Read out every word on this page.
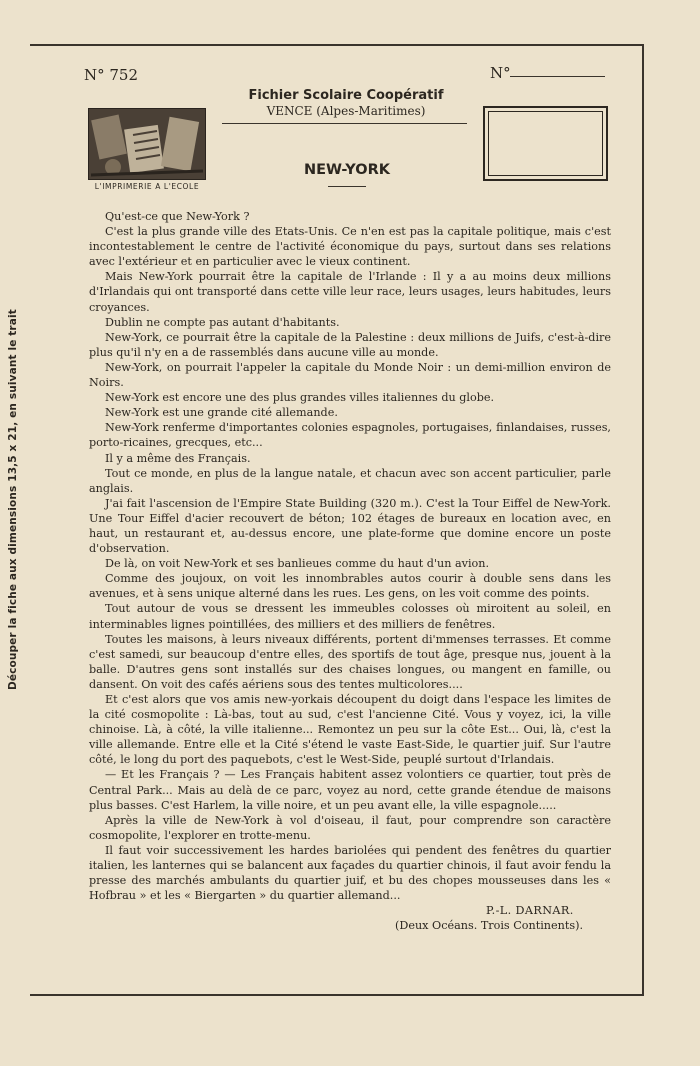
Découper la fiche aux dimensions 13,5 x 21, en suivant le trait
N° 752	N°
Fichier Scolaire Coopératif
VENCE (Alpes-Maritimes)
L'IMPRIMERIE A L'ECOLE
NEW-YORK

Qu'est-ce que New-York ?

C'est la plus grande ville des Etats-Unis. Ce n'en est pas la capitale politique, mais c'est incontestablement le centre de l'activité économique du pays, surtout dans ses relations avec l'extérieur et en particulier avec le vieux continent.

Mais New-York pourrait être la capitale de l'Irlande : Il y a au moins deux millions d'Irlandais qui ont transporté dans cette ville leur race, leurs usages, leurs habitudes, leurs croyances.

Dublin ne compte pas autant d'habitants.

New-York, ce pourrait être la capitale de la Palestine : deux millions de Juifs, c'est-à-dire plus qu'il n'y en a de rassemblés dans aucune ville au monde.

New-York, on pourrait l'appeler la capitale du Monde Noir : un demi-million environ de Noirs.

New-York est encore une des plus grandes villes italiennes du globe.

New-York est une grande cité allemande.

New-York renferme d'importantes colonies espagnoles, portugaises, finlandaises, russes, porto-ricaines, grecques, etc...

Il y a même des Français.

Tout ce monde, en plus de la langue natale, et chacun avec son accent particulier, parle anglais.

J'ai fait l'ascension de l'Empire State Building (320 m.). C'est la Tour Eiffel de New-York. Une Tour Eiffel d'acier recouvert de béton; 102 étages de bureaux en location avec, en haut, un restaurant et, au-dessus encore, une plate-forme que domine encore un poste d'observation.

De là, on voit New-York et ses banlieues comme du haut d'un avion.

Comme des joujoux, on voit les innombrables autos courir à double sens dans les avenues, et à sens unique alterné dans les rues. Les gens, on les voit comme des points.

Tout autour de vous se dressent les immeubles colosses où miroitent au soleil, en interminables lignes pointillées, des milliers et des milliers de fenêtres.

Toutes les maisons, à leurs niveaux différents, portent di'mmenses terrasses. Et comme c'est samedi, sur beaucoup d'entre elles, des sportifs de tout âge, presque nus, jouent à la balle. D'autres gens sont installés sur des chaises longues, ou mangent en famille, ou dansent. On voit des cafés aériens sous des tentes multicolores....

Et c'est alors que vos amis new-yorkais découpent du doigt dans l'espace les limites de la cité cosmopolite : Là-bas, tout au sud, c'est l'ancienne Cité. Vous y voyez, ici, la ville chinoise. Là, à côté, la ville italienne... Remontez un peu sur la côte Est... Oui, là, c'est la ville allemande. Entre elle et la Cité s'étend le vaste East-Side, le quartier juif. Sur l'autre côté, le long du port des paquebots, c'est le West-Side, peuplé surtout d'Irlandais.

— Et les Français ? — Les Français habitent assez volontiers ce quartier, tout près de Central Park... Mais au delà de ce parc, voyez au nord, cette grande étendue de maisons plus basses. C'est Harlem, la ville noire, et un peu avant elle, la ville espagnole.....

Après la ville de New-York à vol d'oiseau, il faut, pour comprendre son caractère cosmopolite, l'explorer en trotte-menu.

Il faut voir successivement les hardes bariolées qui pendent des fenêtres du quartier italien, les lanternes qui se balancent aux façades du quartier chinois, il faut avoir fendu la presse des marchés ambulants du quartier juif, et bu des chopes mousseuses dans les « Hofbrau » et les « Biergarten » du quartier allemand...

P.-L. DARNAR.
(Deux Océans. Trois Continents).
